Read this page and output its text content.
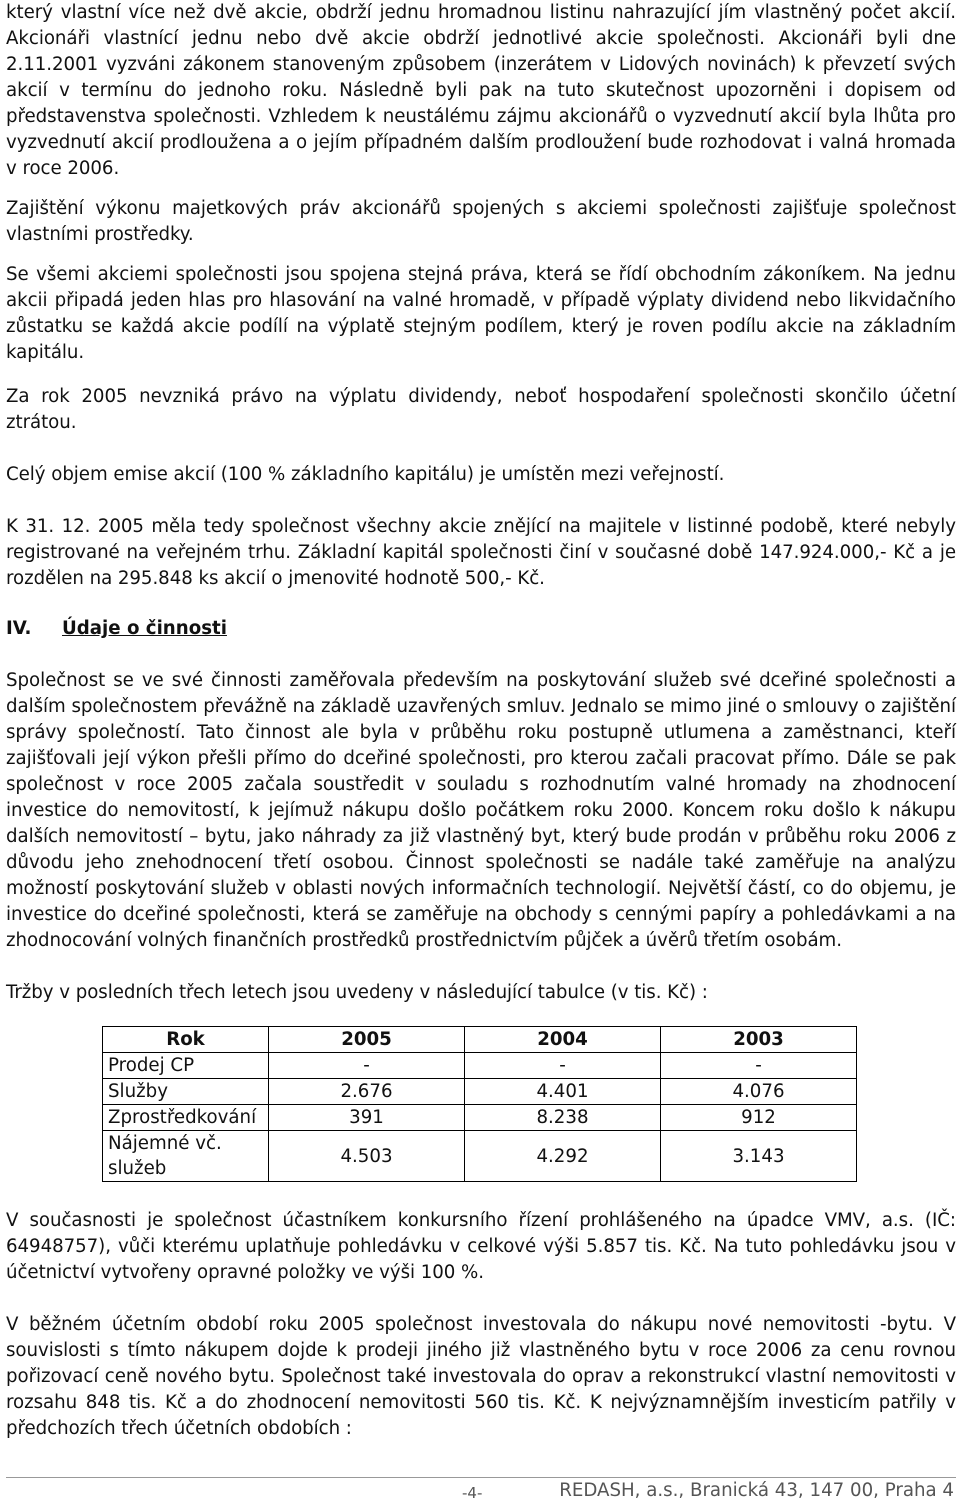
který vlastní více než dvě akcie, obdrží jednu hromadnou listinu nahrazující jím vlastněný počet akcií. Akcionáři vlastnící jednu nebo dvě akcie obdrží jednotlivé akcie společnosti. Akcionáři byli dne 2.11.2001 vyzváni zákonem stanoveným způsobem (inzerátem v Lidových novinách) k převzetí svých akcií v termínu do jednoho roku. Následně byli pak na tuto skutečnost upozorněni i dopisem od představenstva společnosti. Vzhledem k neustálému zájmu akcionářů o vyzvednutí akcií byla lhůta pro vyzvednutí akcií prodloužena a o jejím případném dalším prodloužení bude rozhodovat i valná hromada v roce 2006.

Zajištění výkonu majetkových práv akcionářů spojených s akciemi společnosti zajišťuje společnost vlastními prostředky.

Se všemi akciemi společnosti jsou spojena stejná práva, která se řídí obchodním zákoníkem. Na jednu akcii připadá jeden hlas pro hlasování na valné hromadě, v případě výplaty dividend nebo likvidačního zůstatku se každá akcie podílí na výplatě stejným podílem, který je roven podílu akcie na základním kapitálu.

Za rok 2005 nevzniká právo na výplatu dividendy, neboť hospodaření společnosti skončilo účetní ztrátou.

Celý objem emise akcií (100 % základního kapitálu) je umístěn mezi veřejností.

K 31. 12. 2005 měla tedy společnost všechny akcie znějící na majitele v listinné podobě, které nebyly registrované na veřejném trhu. Základní kapitál společnosti činí v současné době 147.924.000,- Kč a je rozdělen na 295.848 ks akcií o jmenovité hodnotě 500,- Kč.

IV.	Údaje o činnosti

Společnost se ve své činnosti zaměřovala především na poskytování služeb své dceřiné společnosti a dalším společnostem převážně na základě uzavřených smluv. Jednalo se mimo jiné o smlouvy o zajištění správy společností. Tato činnost ale byla v průběhu roku postupně utlumena a zaměstnanci, kteří zajišťovali její výkon přešli přímo do dceřiné společnosti, pro kterou začali pracovat přímo. Dále se pak společnost v roce 2005 začala soustředit v souladu s rozhodnutím valné hromady na zhodnocení investice do nemovitostí, k jejímuž nákupu došlo počátkem roku 2000. Koncem roku došlo k nákupu dalších nemovitostí – bytu, jako náhrady za již vlastněný byt, který bude prodán v průběhu roku 2006 z důvodu jeho znehodnocení třetí osobou. Činnost společnosti se nadále také zaměřuje na analýzu možností poskytování služeb v oblasti nových informačních technologií. Největší částí, co do objemu, je investice do dceřiné společnosti, která se zaměřuje na obchody s cennými papíry a pohledávkami a na zhodnocování volných finančních prostředků prostřednictvím půjček a úvěrů třetím osobám.

Tržby v posledních třech letech jsou uvedeny v následující tabulce (v tis. Kč) :

Rok	2005	2004	2003
Prodej CP	-	-	-
Služby	2.676	4.401	4.076
Zprostředkování	391	8.238	912
Nájemné vč. služeb	4.503	4.292	3.143

V současnosti je společnost účastníkem konkursního řízení prohlášeného na úpadce VMV, a.s. (IČ: 64948757), vůči kterému uplatňuje pohledávku v celkové výši 5.857 tis. Kč. Na tuto pohledávku jsou v účetnictví vytvořeny opravné položky ve výši 100 %.

V běžném účetním období roku 2005 společnost investovala do nákupu nové nemovitosti -bytu. V souvislosti s tímto nákupem dojde k prodeji jiného již vlastněného bytu v roce 2006 za cenu rovnou pořizovací ceně nového bytu. Společnost také investovala do oprav a rekonstrukcí vlastní nemovitosti v rozsahu 848 tis. Kč a do zhodnocení nemovitosti 560 tis. Kč. K nejvýznamnějším investicím patřily v předchozích třech účetních obdobích :

-4-	REDASH, a.s., Branická 43, 147 00, Praha 4
